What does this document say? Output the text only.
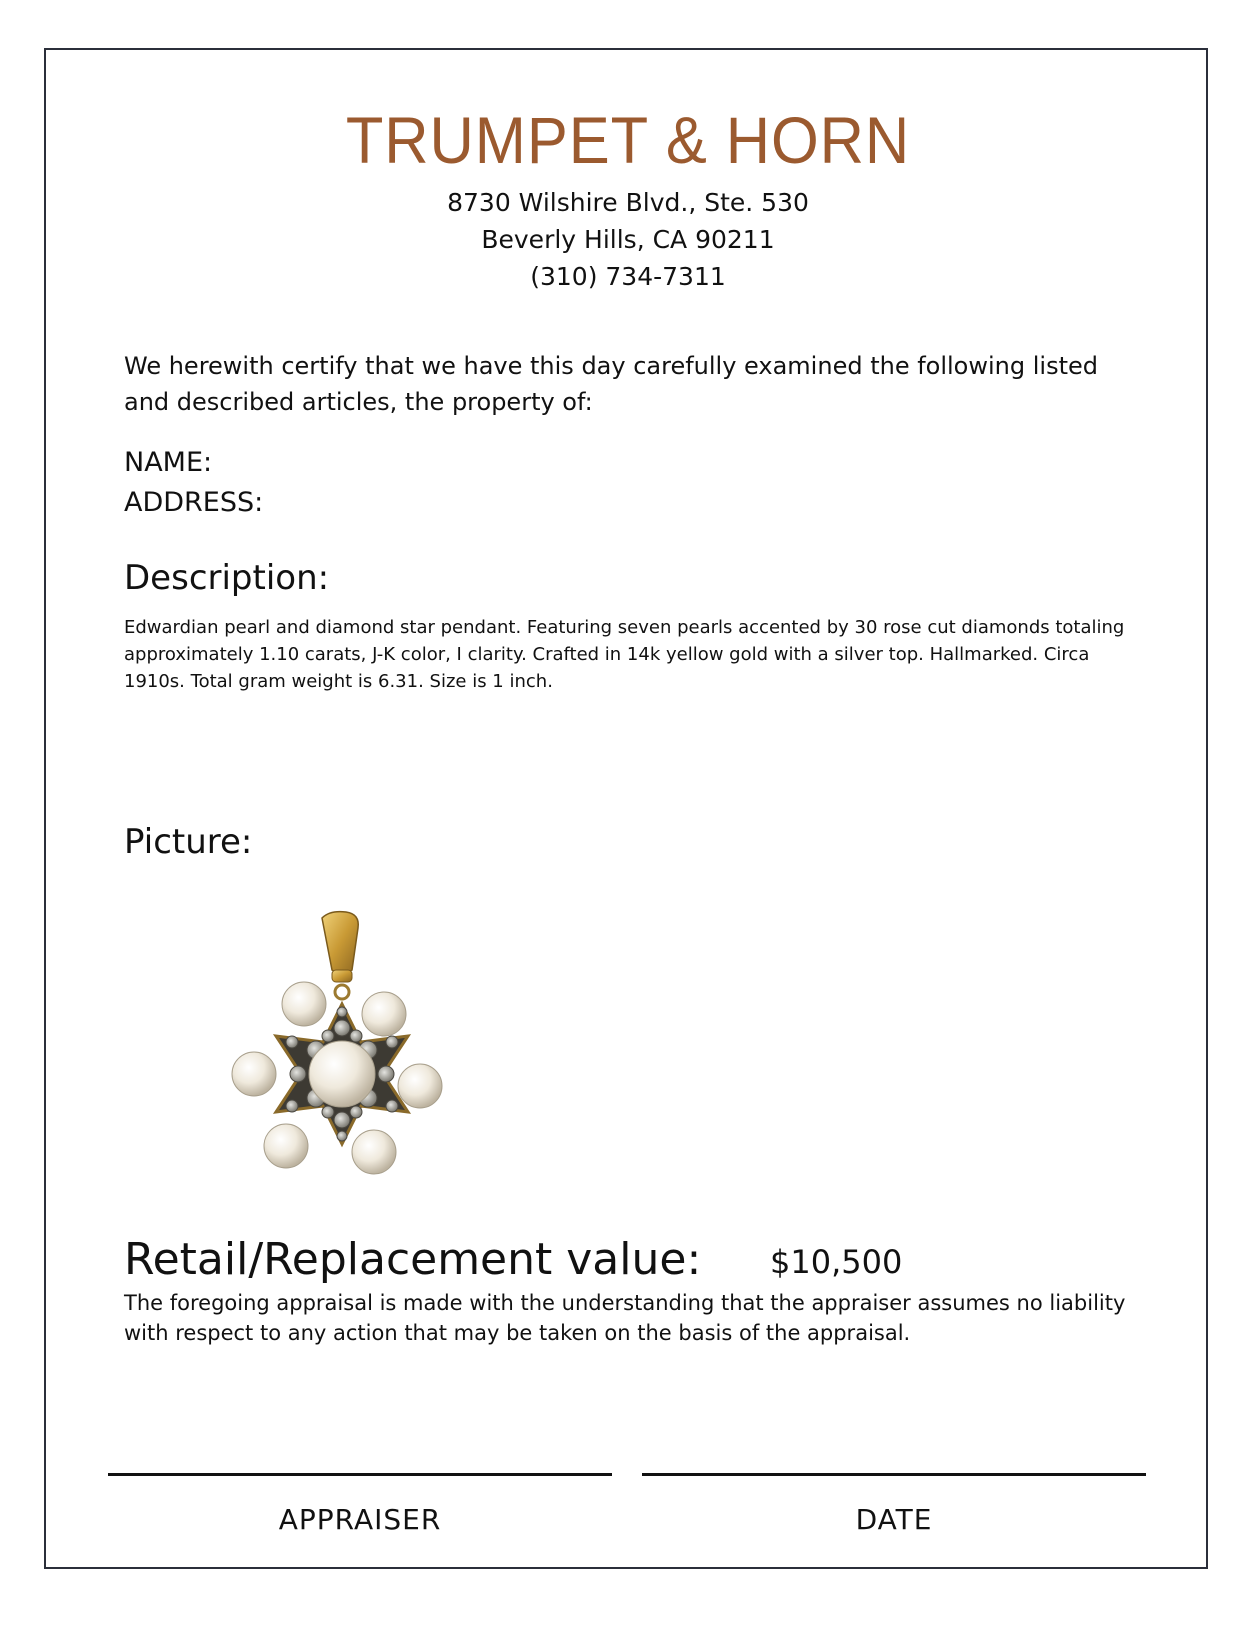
TRUMPET & HORN
8730 Wilshire Blvd., Ste. 530
Beverly Hills, CA 90211
(310) 734-7311
We herewith certify that we have this day carefully examined the following listed and described articles, the property of:
NAME:
ADDRESS:
Description:
Edwardian pearl and diamond star pendant. Featuring seven pearls accented by 30 rose cut diamonds totaling approximately 1.10 carats, J-K color, I clarity. Crafted in 14k yellow gold with a silver top. Hallmarked. Circa 1910s. Total gram weight is 6.31. Size is 1 inch.
Picture:
Retail/Replacement value: $10,500
The foregoing appraisal is made with the understanding that the appraiser assumes no liability with respect to any action that may be taken on the basis of the appraisal.
APPRAISER	DATE
